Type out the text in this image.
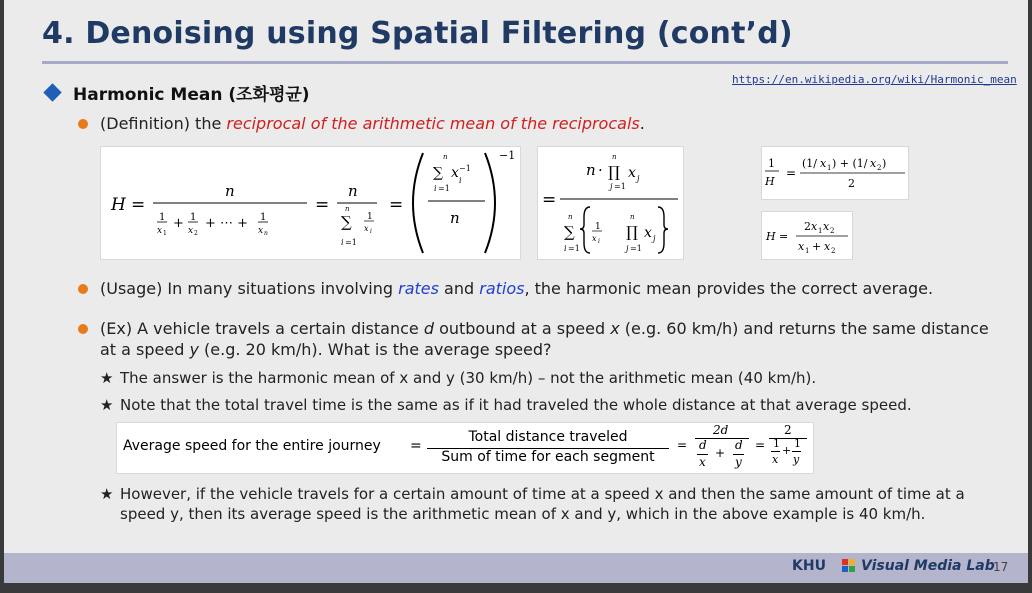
4. Denoising using Spatial Filtering (cont’d)
https://en.wikipedia.org/wiki/Harmonic_mean
Harmonic Mean (조화평균)
(Definition) the reciprocal of the arithmetic mean of the reciprocals.
H =
n
1
x 1
+ 1
x 2
+ ⋯ + 1
x n
=
n
n
∑
i =1
1
x i
=
n
∑
i =1
x −1
i
n
−1
=
n ·
n
∏
j =1
x j
n
∑
i =1
1
x i
n
∏
j =1
x j
1
H
=
(1/ x 1 ) + (1/ x 2 )
2
H =
2 x 1 x 2
x 1 + x 2
(Usage) In many situations involving rates and ratios, the harmonic mean provides the correct average.
(Ex) A vehicle travels a certain distance d outbound at a speed x (e.g. 60 km/h) and returns the same distance at a speed y (e.g. 20 km/h). What is the average speed?
★ The answer is the harmonic mean of x and y (30 km/h) – not the arithmetic mean (40 km/h).
★ Note that the total travel time is the same as if it had traveled the whole distance at that average speed.
Average speed for the entire journey =
Total distance traveled
Sum of time for each segment
=
2d
d
x
+
d
y
=
2
1
x
+
1
y
★ However, if the vehicle travels for a certain amount of time at a speed x and then the same amount of time at a speed y, then its average speed is the arithmetic mean of x and y, which in the above example is 40 km/h.
KHU	Visual Media Lab
17
